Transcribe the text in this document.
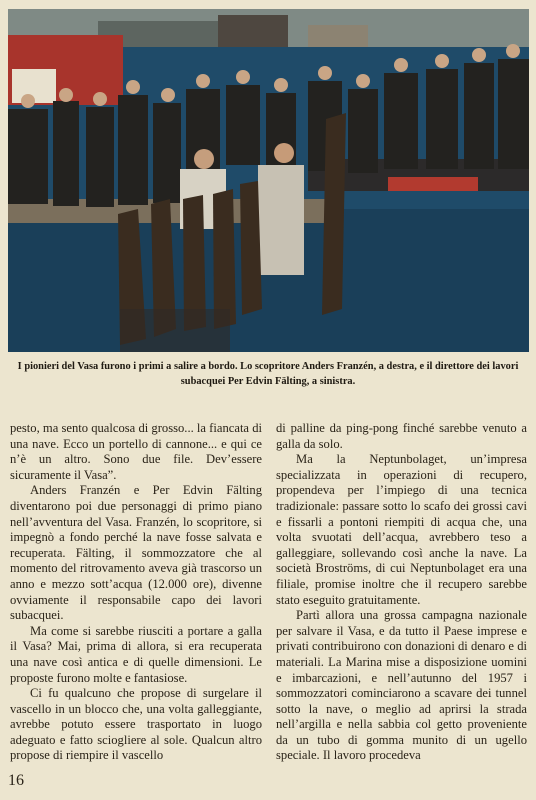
I pionieri del Vasa furono i primi a salire a bordo. Lo scopritore Anders Franzén, a destra, e il direttore dei lavori subacquei Per Edvin Fälting, a sinistra.

pesto, ma sento qualcosa di grosso... la fiancata di una nave. Ecco un portello di cannone... e qui ce n’è un altro. Sono due file. Dev’essere sicuramente il Vasa”.

Anders Franzén e Per Edvin Fälting diventarono poi due personaggi di primo piano nell’avventura del Vasa. Franzén, lo scopritore, si impegnò a fondo perché la nave fosse salvata e recuperata. Fälting, il sommozzatore che al momento del ritrovamento aveva già trascorso un anno e mezzo sott’acqua (12.000 ore), divenne ovviamente il responsabile capo dei lavori subacquei.

Ma come si sarebbe riusciti a portare a galla il Vasa? Mai, prima di allora, si era recuperata una nave così antica e di quelle dimensioni. Le proposte furono molte e fantasiose.

Ci fu qualcuno che propose di surgelare il vascello in un blocco che, una volta galleggiante, avrebbe potuto essere trasportato in luogo adeguato e fatto sciogliere al sole. Qualcun altro propose di riempire il vascello

di palline da ping-pong finché sarebbe venuto a galla da solo.

Ma la Neptunbolaget, un’impresa specializzata in operazioni di recupero, propendeva per l’impiego di una tecnica tradizionale: passare sotto lo scafo dei grossi cavi e fissarli a pontoni riempiti di acqua che, una volta svuotati dell’acqua, avrebbero teso a galleggiare, sollevando così anche la nave. La società Broströms, di cui Neptunbolaget era una filiale, promise inoltre che il recupero sarebbe stato eseguito gratuitamente.

Partì allora una grossa campagna nazionale per salvare il Vasa, e da tutto il Paese imprese e privati contribuirono con donazioni di denaro e di materiali. La Marina mise a disposizione uomini e imbarcazioni, e nell’autunno del 1957 i sommozzatori cominciarono a scavare dei tunnel sotto la nave, o meglio ad aprirsi la strada nell’argilla e nella sabbia col getto proveniente da un tubo di gomma munito di un ugello speciale. Il lavoro procedeva

16
